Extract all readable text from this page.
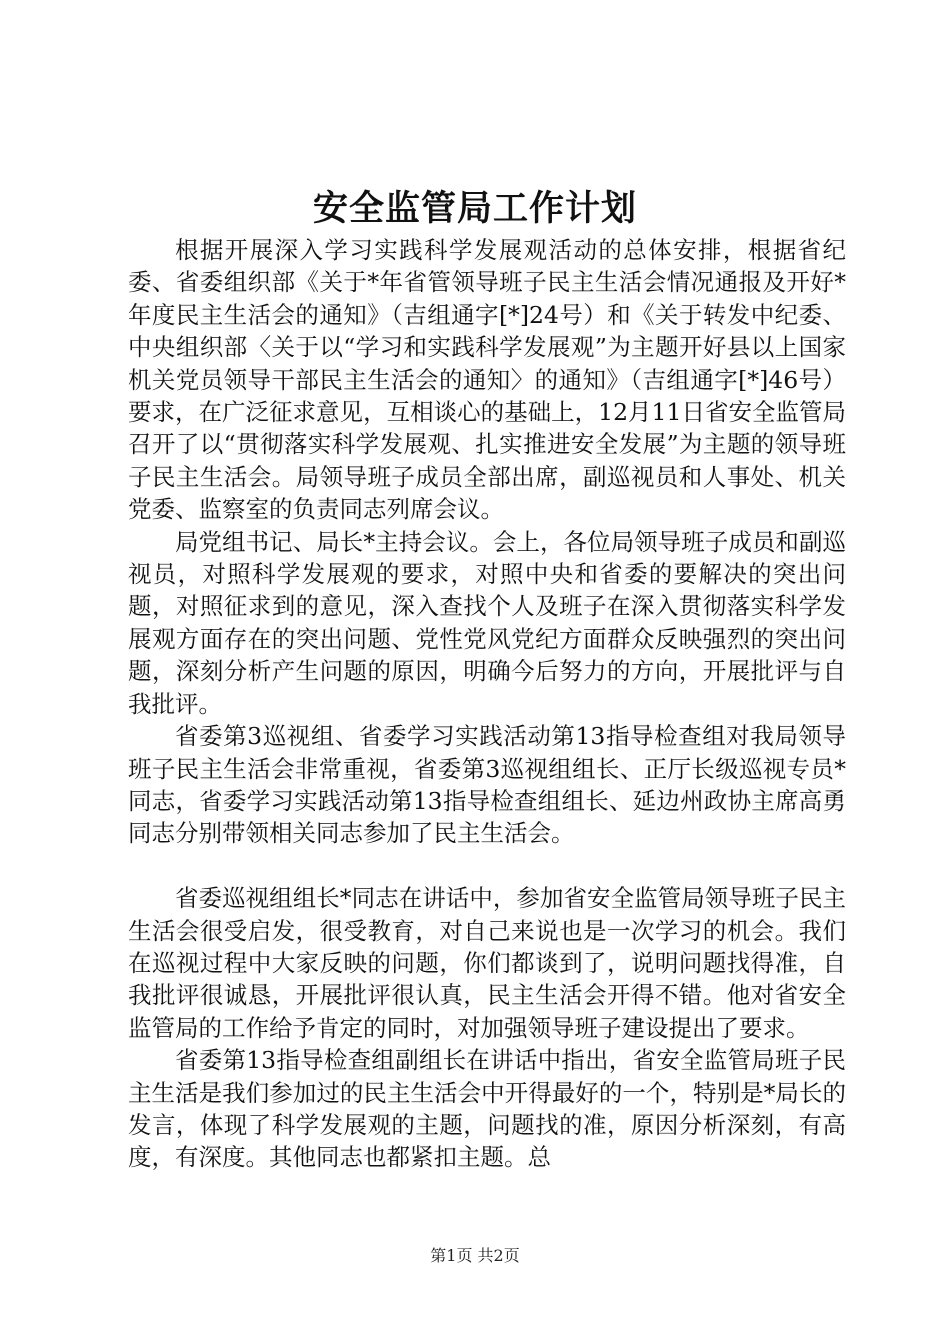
安全监管局工作计划

根据开展深入学习实践科学发展观活动的总体安排，根据省纪委、省委组织部《关于*年省管领导班子民主生活会情况通报及开好*年度民主生活会的通知》（吉组通字[*]24号）和《关于转发中纪委、中央组织部〈关于以“学习和实践科学发展观”为主题开好县以上国家机关党员领导干部民主生活会的通知〉的通知》（吉组通字[*]46号）要求，在广泛征求意见，互相谈心的基础上，12月11日省安全监管局召开了以“贯彻落实科学发展观、扎实推进安全发展”为主题的领导班子民主生活会。局领导班子成员全部出席，副巡视员和人事处、机关党委、监察室的负责同志列席会议。

局党组书记、局长*主持会议。会上，各位局领导班子成员和副巡视员，对照科学发展观的要求，对照中央和省委的要解决的突出问题，对照征求到的意见，深入查找个人及班子在深入贯彻落实科学发展观方面存在的突出问题、党性党风党纪方面群众反映强烈的突出问题，深刻分析产生问题的原因，明确今后努力的方向，开展批评与自我批评。

省委第3巡视组、省委学习实践活动第13指导检查组对我局领导班子民主生活会非常重视，省委第3巡视组组长、正厅长级巡视专员*同志，省委学习实践活动第13指导检查组组长、延边州政协主席高勇同志分别带领相关同志参加了民主生活会。

省委巡视组组长*同志在讲话中，参加省安全监管局领导班子民主生活会很受启发，很受教育，对自己来说也是一次学习的机会。我们在巡视过程中大家反映的问题，你们都谈到了，说明问题找得准，自我批评很诚恳，开展批评很认真，民主生活会开得不错。他对省安全监管局的工作给予肯定的同时，对加强领导班子建设提出了要求。

省委第13指导检查组副组长在讲话中指出，省安全监管局班子民主生活是我们参加过的民主生活会中开得最好的一个，特别是*局长的发言，体现了科学发展观的主题，问题找的准，原因分析深刻，有高度，有深度。其他同志也都紧扣主题。总

第1页 共2页
